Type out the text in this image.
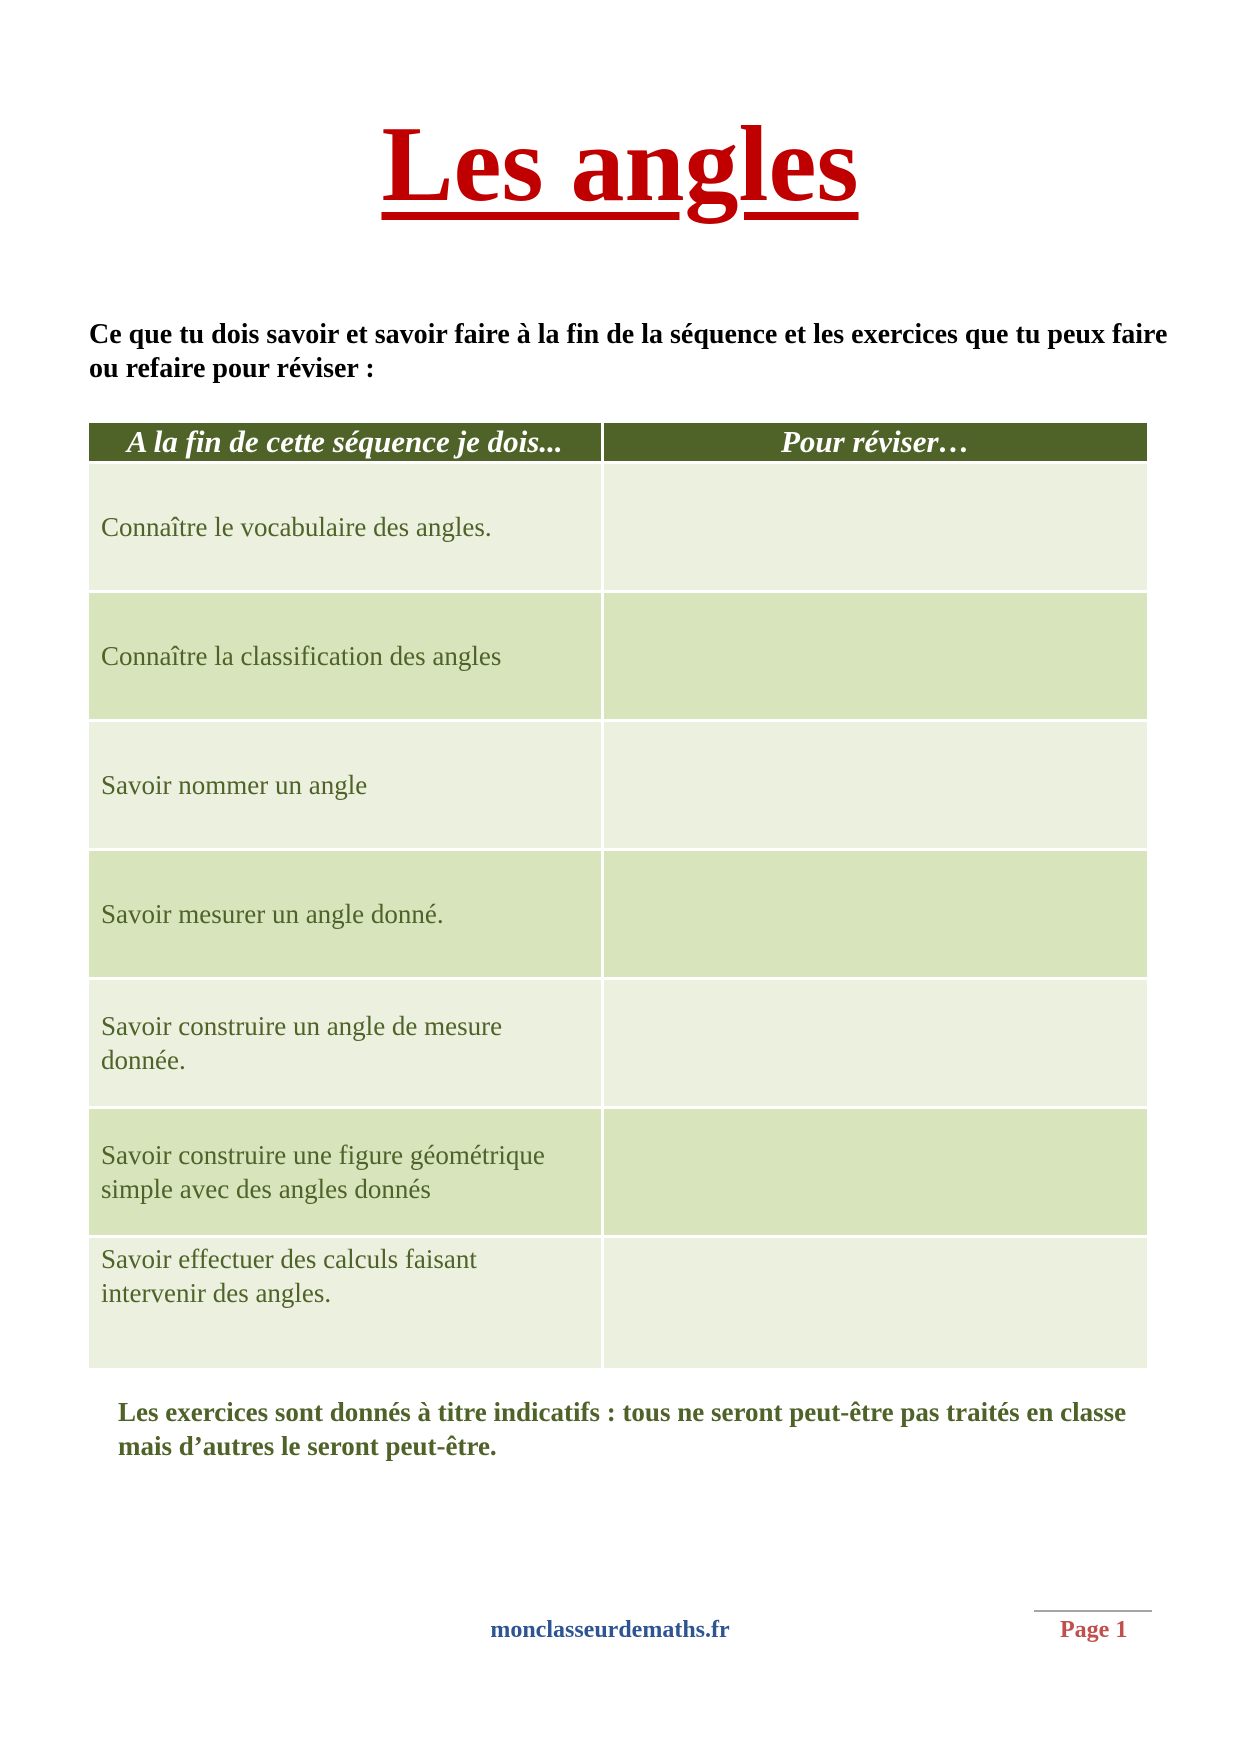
Les angles

Ce que tu dois savoir et savoir faire à la fin de la séquence et les exercices que tu peux faire ou refaire pour réviser :

A la fin de cette séquence je dois...	Pour réviser…
Connaître le vocabulaire des angles.	
Connaître la classification des angles	
Savoir nommer un angle	
Savoir mesurer un angle donné.	
Savoir construire un angle de mesure donnée.	
Savoir construire une figure géométrique simple avec des angles donnés	
Savoir effectuer des calculs faisant intervenir des angles.	

Les exercices sont donnés à titre indicatifs : tous ne seront peut-être pas traités en classe mais d’autres le seront peut-être.

monclasseurdemaths.fr	Page 1
